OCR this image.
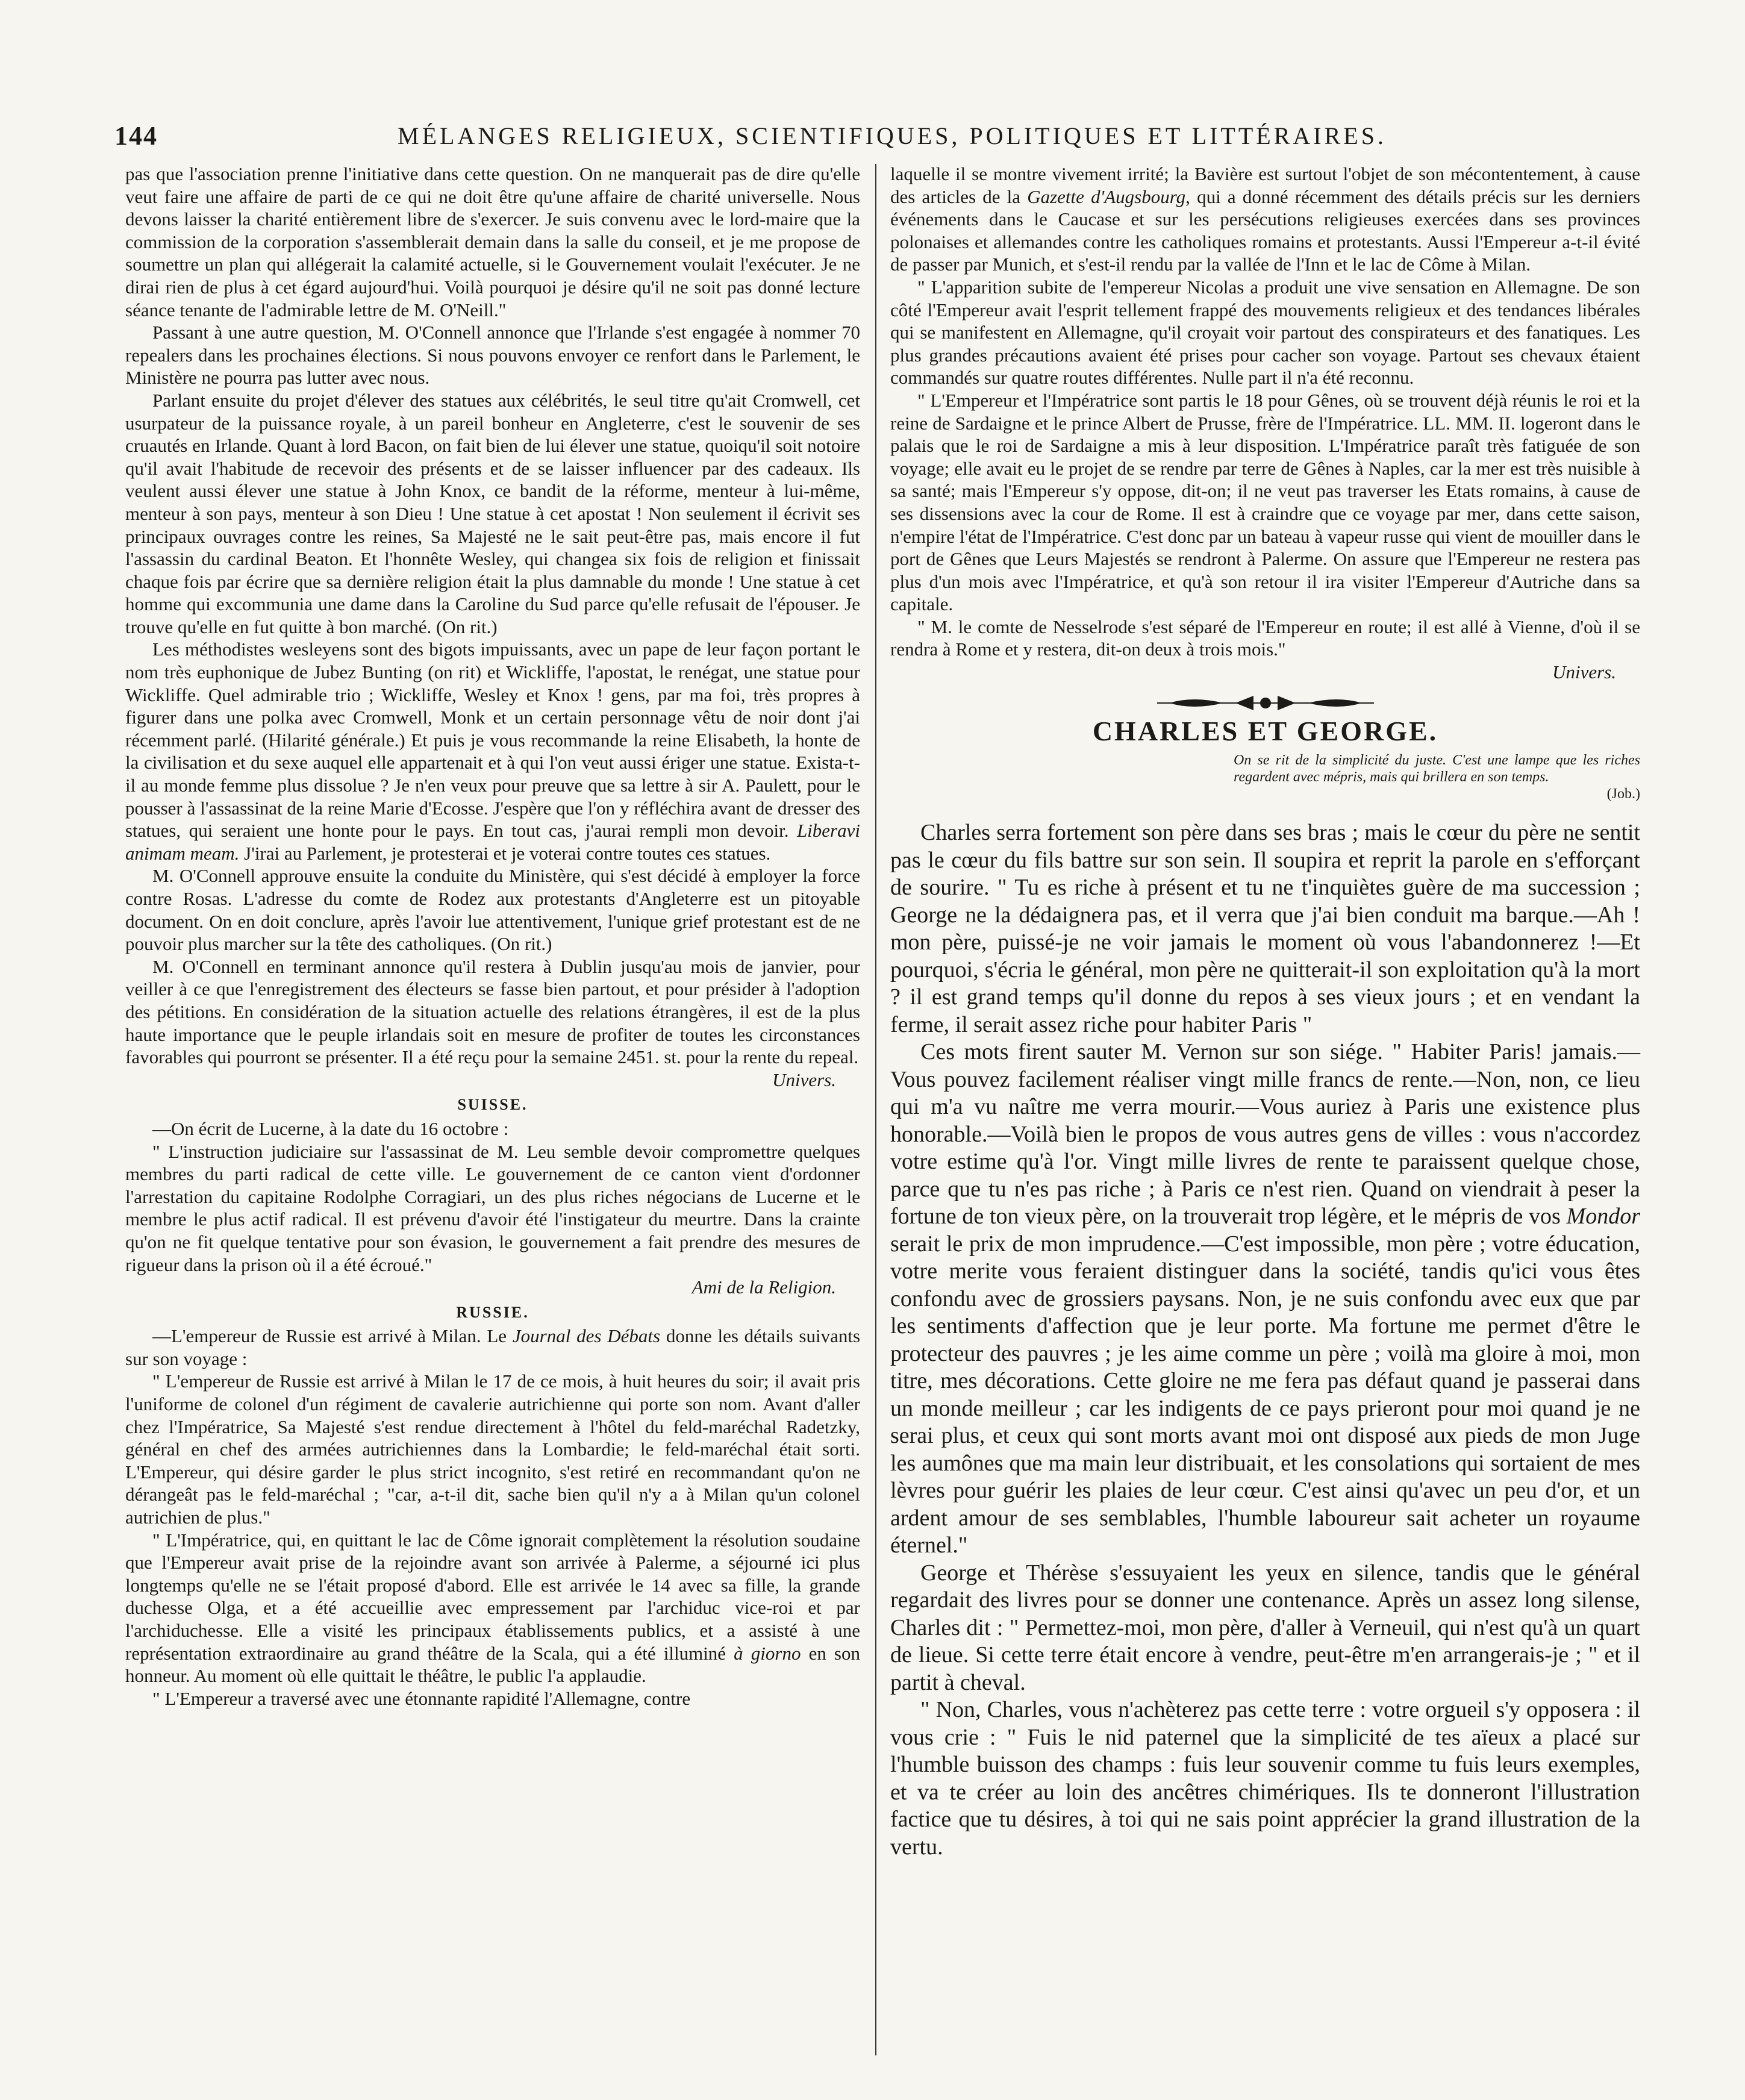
144	MÉLANGES RELIGIEUX, SCIENTIFIQUES, POLITIQUES ET LITTÉRAIRES.

pas que l'association prenne l'initiative dans cette question. On ne manquerait pas de dire qu'elle veut faire une affaire de parti de ce qui ne doit être qu'une affaire de charité universelle. Nous devons laisser la charité entièrement libre de s'exercer. Je suis convenu avec le lord-maire que la commission de la corporation s'assemblerait demain dans la salle du conseil, et je me propose de soumettre un plan qui allégerait la calamité actuelle, si le Gouvernement voulait l'exécuter. Je ne dirai rien de plus à cet égard aujourd'hui. Voilà pourquoi je désire qu'il ne soit pas donné lecture séance tenante de l'admirable lettre de M. O'Neill."

Passant à une autre question, M. O'Connell annonce que l'Irlande s'est engagée à nommer 70 repealers dans les prochaines élections. Si nous pouvons envoyer ce renfort dans le Parlement, le Ministère ne pourra pas lutter avec nous.

Parlant ensuite du projet d'élever des statues aux célébrités, le seul titre qu'ait Cromwell, cet usurpateur de la puissance royale, à un pareil bonheur en Angleterre, c'est le souvenir de ses cruautés en Irlande. Quant à lord Bacon, on fait bien de lui élever une statue, quoiqu'il soit notoire qu'il avait l'habitude de recevoir des présents et de se laisser influencer par des cadeaux. Ils veulent aussi élever une statue à John Knox, ce bandit de la réforme, menteur à lui-même, menteur à son pays, menteur à son Dieu ! Une statue à cet apostat ! Non seulement il écrivit ses principaux ouvrages contre les reines, Sa Majesté ne le sait peut-être pas, mais encore il fut l'assassin du cardinal Beaton. Et l'honnête Wesley, qui changea six fois de religion et finissait chaque fois par écrire que sa dernière religion était la plus damnable du monde ! Une statue à cet homme qui excommunia une dame dans la Caroline du Sud parce qu'elle refusait de l'épouser. Je trouve qu'elle en fut quitte à bon marché. (On rit.)

Les méthodistes wesleyens sont des bigots impuissants, avec un pape de leur façon portant le nom très euphonique de Jubez Bunting (on rit) et Wickliffe, l'apostat, le renégat, une statue pour Wickliffe. Quel admirable trio ; Wickliffe, Wesley et Knox ! gens, par ma foi, très propres à figurer dans une polka avec Cromwell, Monk et un certain personnage vêtu de noir dont j'ai récemment parlé. (Hilarité générale.) Et puis je vous recommande la reine Elisabeth, la honte de la civilisation et du sexe auquel elle appartenait et à qui l'on veut aussi ériger une statue. Exista-t-il au monde femme plus dissolue ? Je n'en veux pour preuve que sa lettre à sir A. Paulett, pour le pousser à l'assassinat de la reine Marie d'Ecosse. J'espère que l'on y réfléchira avant de dresser des statues, qui seraient une honte pour le pays. En tout cas, j'aurai rempli mon devoir. Liberavi animam meam. J'irai au Parlement, je protesterai et je voterai contre toutes ces statues.

M. O'Connell approuve ensuite la conduite du Ministère, qui s'est décidé à employer la force contre Rosas. L'adresse du comte de Rodez aux protestants d'Angleterre est un pitoyable document. On en doit conclure, après l'avoir lue attentivement, l'unique grief protestant est de ne pouvoir plus marcher sur la tête des catholiques. (On rit.)

M. O'Connell en terminant annonce qu'il restera à Dublin jusqu'au mois de janvier, pour veiller à ce que l'enregistrement des électeurs se fasse bien partout, et pour présider à l'adoption des pétitions. En considération de la situation actuelle des relations étrangères, il est de la plus haute importance que le peuple irlandais soit en mesure de profiter de toutes les circonstances favorables qui pourront se présenter. Il a été reçu pour la semaine 2451. st. pour la rente du repeal.

Univers.
SUISSE.

—On écrit de Lucerne, à la date du 16 octobre :

" L'instruction judiciaire sur l'assassinat de M. Leu semble devoir compromettre quelques membres du parti radical de cette ville. Le gouvernement de ce canton vient d'ordonner l'arrestation du capitaine Rodolphe Corragiari, un des plus riches négocians de Lucerne et le membre le plus actif radical. Il est prévenu d'avoir été l'instigateur du meurtre. Dans la crainte qu'on ne fit quelque tentative pour son évasion, le gouvernement a fait prendre des mesures de rigueur dans la prison où il a été écroué."

Ami de la Religion.
RUSSIE.

—L'empereur de Russie est arrivé à Milan. Le Journal des Débats donne les détails suivants sur son voyage :

" L'empereur de Russie est arrivé à Milan le 17 de ce mois, à huit heures du soir; il avait pris l'uniforme de colonel d'un régiment de cavalerie autrichienne qui porte son nom. Avant d'aller chez l'Impératrice, Sa Majesté s'est rendue directement à l'hôtel du feld-maréchal Radetzky, général en chef des armées autrichiennes dans la Lombardie; le feld-maréchal était sorti. L'Empereur, qui désire garder le plus strict incognito, s'est retiré en recommandant qu'on ne dérangeât pas le feld-maréchal ; "car, a-t-il dit, sache bien qu'il n'y a à Milan qu'un colonel autrichien de plus."

" L'Impératrice, qui, en quittant le lac de Côme ignorait complètement la résolution soudaine que l'Empereur avait prise de la rejoindre avant son arrivée à Palerme, a séjourné ici plus longtemps qu'elle ne se l'était proposé d'abord. Elle est arrivée le 14 avec sa fille, la grande duchesse Olga, et a été accueillie avec empressement par l'archiduc vice-roi et par l'archiduchesse. Elle a visité les principaux établissements publics, et a assisté à une représentation extraordinaire au grand théâtre de la Scala, qui a été illuminé à giorno en son honneur. Au moment où elle quittait le théâtre, le public l'a applaudie.

" L'Empereur a traversé avec une étonnante rapidité l'Allemagne, contre

laquelle il se montre vivement irrité; la Bavière est surtout l'objet de son mécontentement, à cause des articles de la Gazette d'Augsbourg, qui a donné récemment des détails précis sur les derniers événements dans le Caucase et sur les persécutions religieuses exercées dans ses provinces polonaises et allemandes contre les catholiques romains et protestants. Aussi l'Empereur a-t-il évité de passer par Munich, et s'est-il rendu par la vallée de l'Inn et le lac de Côme à Milan.

" L'apparition subite de l'empereur Nicolas a produit une vive sensation en Allemagne. De son côté l'Empereur avait l'esprit tellement frappé des mouvements religieux et des tendances libérales qui se manifestent en Allemagne, qu'il croyait voir partout des conspirateurs et des fanatiques. Les plus grandes précautions avaient été prises pour cacher son voyage. Partout ses chevaux étaient commandés sur quatre routes différentes. Nulle part il n'a été reconnu.

" L'Empereur et l'Impératrice sont partis le 18 pour Gênes, où se trouvent déjà réunis le roi et la reine de Sardaigne et le prince Albert de Prusse, frère de l'Impératrice. LL. MM. II. logeront dans le palais que le roi de Sardaigne a mis à leur disposition. L'Impératrice paraît très fatiguée de son voyage; elle avait eu le projet de se rendre par terre de Gênes à Naples, car la mer est très nuisible à sa santé; mais l'Empereur s'y oppose, dit-on; il ne veut pas traverser les Etats romains, à cause de ses dissensions avec la cour de Rome. Il est à craindre que ce voyage par mer, dans cette saison, n'empire l'état de l'Impératrice. C'est donc par un bateau à vapeur russe qui vient de mouiller dans le port de Gênes que Leurs Majestés se rendront à Palerme. On assure que l'Empereur ne restera pas plus d'un mois avec l'Impératrice, et qu'à son retour il ira visiter l'Empereur d'Autriche dans sa capitale.

" M. le comte de Nesselrode s'est séparé de l'Empereur en route; il est allé à Vienne, d'où il se rendra à Rome et y restera, dit-on deux à trois mois."

Univers.
CHARLES ET GEORGE.
On se rit de la simplicité du juste. C'est une lampe que les riches regardent avec mépris, mais qui brillera en son temps.
(Job.)

Charles serra fortement son père dans ses bras ; mais le cœur du père ne sentit pas le cœur du fils battre sur son sein. Il soupira et reprit la parole en s'efforçant de sourire. " Tu es riche à présent et tu ne t'inquiètes guère de ma succession ; George ne la dédaignera pas, et il verra que j'ai bien conduit ma barque.—Ah ! mon père, puissé-je ne voir jamais le moment où vous l'abandonnerez !—Et pourquoi, s'écria le général, mon père ne quitterait-il son exploitation qu'à la mort ? il est grand temps qu'il donne du repos à ses vieux jours ; et en vendant la ferme, il serait assez riche pour habiter Paris "

Ces mots firent sauter M. Vernon sur son siége. " Habiter Paris! jamais.—Vous pouvez facilement réaliser vingt mille francs de rente.—Non, non, ce lieu qui m'a vu naître me verra mourir.—Vous auriez à Paris une existence plus honorable.—Voilà bien le propos de vous autres gens de villes : vous n'accordez votre estime qu'à l'or. Vingt mille livres de rente te paraissent quelque chose, parce que tu n'es pas riche ; à Paris ce n'est rien. Quand on viendrait à peser la fortune de ton vieux père, on la trouverait trop légère, et le mépris de vos Mondor serait le prix de mon imprudence.—C'est impossible, mon père ; votre éducation, votre merite vous feraient distinguer dans la société, tandis qu'ici vous êtes confondu avec de grossiers paysans. Non, je ne suis confondu avec eux que par les sentiments d'affection que je leur porte. Ma fortune me permet d'être le protecteur des pauvres ; je les aime comme un père ; voilà ma gloire à moi, mon titre, mes décorations. Cette gloire ne me fera pas défaut quand je passerai dans un monde meilleur ; car les indigents de ce pays prieront pour moi quand je ne serai plus, et ceux qui sont morts avant moi ont disposé aux pieds de mon Juge les aumônes que ma main leur distribuait, et les consolations qui sortaient de mes lèvres pour guérir les plaies de leur cœur. C'est ainsi qu'avec un peu d'or, et un ardent amour de ses semblables, l'humble laboureur sait acheter un royaume éternel."

George et Thérèse s'essuyaient les yeux en silence, tandis que le général regardait des livres pour se donner une contenance. Après un assez long silense, Charles dit : " Permettez-moi, mon père, d'aller à Verneuil, qui n'est qu'à un quart de lieue. Si cette terre était encore à vendre, peut-être m'en arrangerais-je ; " et il partit à cheval.

" Non, Charles, vous n'achèterez pas cette terre : votre orgueil s'y opposera : il vous crie : " Fuis le nid paternel que la simplicité de tes aïeux a placé sur l'humble buisson des champs : fuis leur souvenir comme tu fuis leurs exemples, et va te créer au loin des ancêtres chimériques. Ils te donneront l'illustration factice que tu désires, à toi qui ne sais point apprécier la grand illustration de la vertu.
